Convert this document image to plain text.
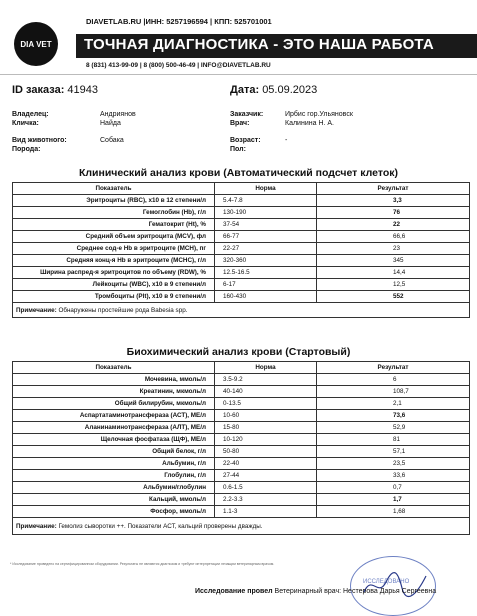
DIA VET
DIAVETLAB.RU |ИНН: 5257196594 | КПП: 525701001
ТОЧНАЯ ДИАГНОСТИКА - ЭТО НАША РАБОТА
8 (831) 413-99-09 | 8 (800) 500-46-49 | INFO@DIAVETLAB.RU
ID заказа: 41943	Дата: 05.09.2023
Владелец:	Андриянов
Кличка:	Найда
Вид животного:	Собака
Порода:
Заказчик:	Ирбис гор.Ульяновск
Врач:	Калинина Н. А.
Возраст:	-
Пол:
Клинический анализ крови (Автоматический подсчет клеток)
Показатель	Норма	Результат
Эритроциты (RBC), x10 в 12 степени/л	5.4-7.8	3,3
Гемоглобин (Hb), г/л	130-190	76
Гематокрит (Ht), %	37-54	22
Средний объем эритроцита (MCV), фл	66-77	66,6
Среднее сод-е Hb в эритроците (MCH), пг	22-27	23
Средняя конц-я Hb в эритроците (MCHC), г/л	320-360	345
Ширина распред-я эритроцитов по объему (RDW), %	12.5-16.5	14,4
Лейкоциты (WBC), x10 в 9 степени/л	6-17	12,5
Тромбоциты (Plt), x10 в 9 степени/л	160-430	552
Примечание: Обнаружены простейшие рода Babesia spp.		
Биохимический анализ крови (Стартовый)
Показатель	Норма	Результат
Мочевина, ммоль/л	3.5-9.2	6
Креатинин, мкмоль/л	40-140	108,7
Общий билирубин, мкмоль/л	0-13.5	2,1
Аспартатаминотрансфераза (АСТ), МЕ/л	10-60	73,6
Аланинаминотрансфераза (АЛТ), МЕ/л	15-80	52,9
Щелочная фосфатаза (ЩФ), МЕ/л	10-120	81
Общий белок, г/л	50-80	57,1
Альбумин, г/л	22-40	23,5
Глобулин, г/л	27-44	33,6
Альбумин/глобулин	0.6-1.5	0,7
Кальций, ммоль/л	2.2-3.3	1,7
Фосфор, ммоль/л	1.1-3	1,68
Примечание: Гемолиз сыворотки ++. Показатели АСТ, кальций проверены дважды.		
* Исследование проведено на сертифицированном оборудовании. Результаты не являются диагнозом и требуют интерпретации лечащим ветеринарным врачом.
ИССЛЕДОВАНО
Исследование провел Ветеринарный врач: Нестерова Дарья Сергеевна
